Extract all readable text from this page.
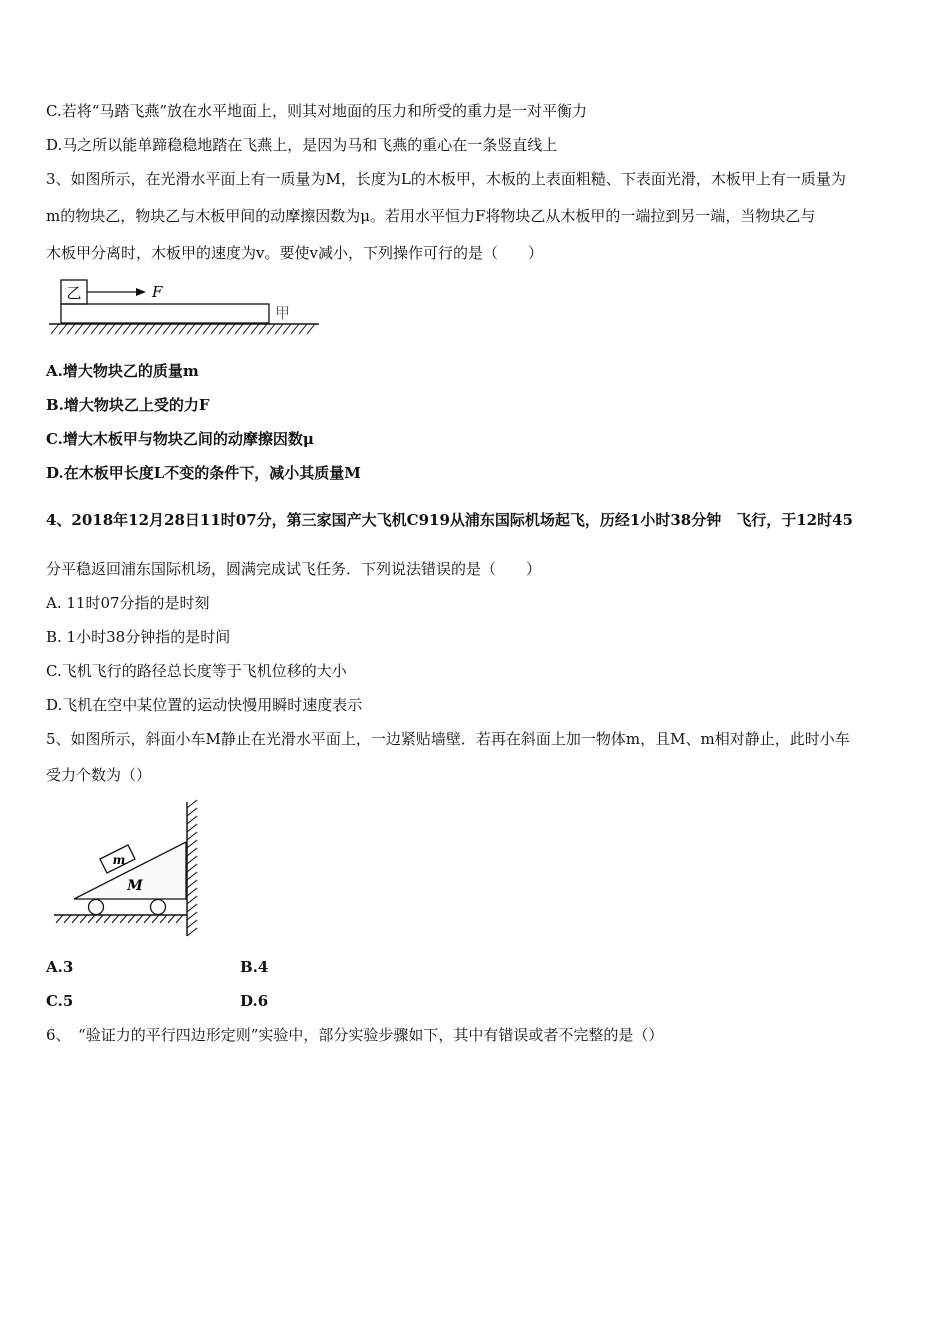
C.若将“马踏飞燕”放在水平地面上，则其对地面的压力和所受的重力是一对平衡力
D.马之所以能单蹄稳稳地踏在飞燕上，是因为马和飞燕的重心在一条竖直线上
3、如图所示，在光滑水平面上有一质量为M，长度为L的木板甲，木板的上表面粗糙、下表面光滑，木板甲上有一质量为
m的物块乙，物块乙与木板甲间的动摩擦因数为μ。若用水平恒力F将物块乙从木板甲的一端拉到另一端，当物块乙与
木板甲分离时，木板甲的速度为v。要使v减小，下列操作可行的是（　　）
乙	F
甲
A.增大物块乙的质量m
B.增大物块乙上受的力F
C.增大木板甲与物块乙间的动摩擦因数μ
D.在木板甲长度L不变的条件下，减小其质量M
4、2018年12月28日11时07分，第三家国产大飞机C919从浦东国际机场起飞，历经1小时38分钟　飞行，于12时45
分平稳返回浦东国际机场，圆满完成试飞任务．下列说法错误的是（　　）
A. 11时07分指的是时刻
B. 1小时38分钟指的是时间
C.飞机飞行的路径总长度等于飞机位移的大小
D.飞机在空中某位置的运动快慢用瞬时速度表示
5、如图所示，斜面小车M静止在光滑水平面上，一边紧贴墙壁．若再在斜面上加一物体m，且M、m相对静止，此时小车
受力个数为（）
M
m
A.3	B.4
C.5	D.6
6、　“验证力的平行四边形定则”实验中，部分实验步骤如下，其中有错误或者不完整的是（）
